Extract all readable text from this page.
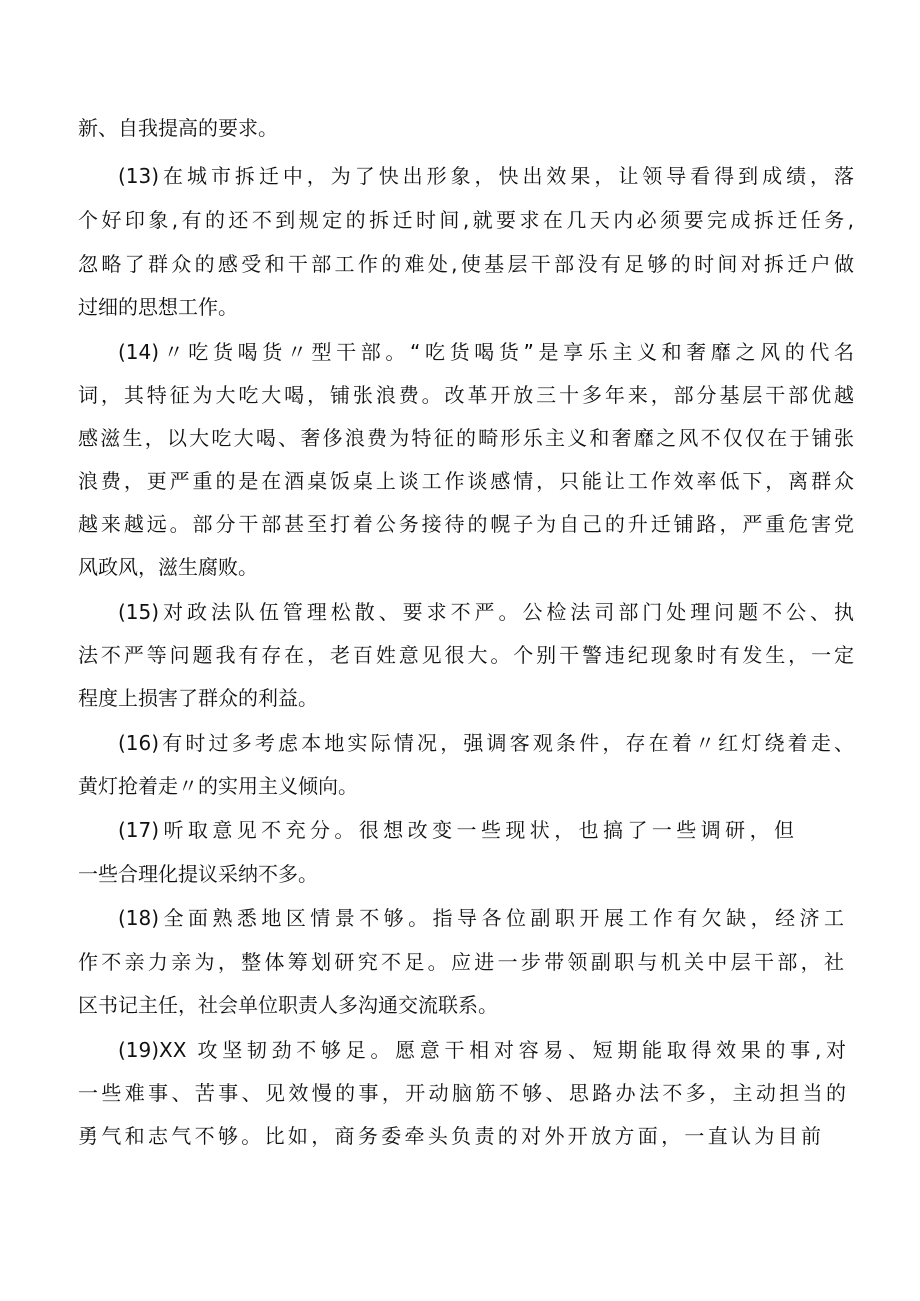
新、自我提高的要求。
(13)在城市拆迁中，为了快出形象，快出效果，让领导看得到成绩，落
个好印象,有的还不到规定的拆迁时间,就要求在几天内必须要完成拆迁任务,
忽略了群众的感受和干部工作的难处,使基层干部没有足够的时间对拆迁户做
过细的思想工作。
(14)〃吃货喝货〃型干部。“吃货喝货”是享乐主义和奢靡之风的代名
词，其特征为大吃大喝，铺张浪费。改革开放三十多年来，部分基层干部优越
感滋生，以大吃大喝、奢侈浪费为特征的畸形乐主义和奢靡之风不仅仅在于铺张
浪费，更严重的是在酒桌饭桌上谈工作谈感情，只能让工作效率低下，离群众
越来越远。部分干部甚至打着公务接待的幌子为自己的升迁铺路，严重危害党
风政风，滋生腐败。
(15)对政法队伍管理松散、要求不严。公检法司部门处理问题不公、执
法不严等问题我有存在，老百姓意见很大。个别干警违纪现象时有发生，一定
程度上损害了群众的利益。
(16)有时过多考虑本地实际情况，强调客观条件，存在着〃红灯绕着走、
黄灯抢着走〃的实用主义倾向。
(17)听取意见不充分。很想改变一些现状，也搞了一些调研，但
一些合理化提议采纳不多。
(18)全面熟悉地区情景不够。指导各位副职开展工作有欠缺，经济工
作不亲力亲为，整体筹划研究不足。应进一步带领副职与机关中层干部，社
区书记主任，社会单位职责人多沟通交流联系。
(19)XX 攻坚韧劲不够足。愿意干相对容易、短期能取得效果的事,对
一些难事、苦事、见效慢的事，开动脑筋不够、思路办法不多，主动担当的
勇气和志气不够。比如，商务委牵头负责的对外开放方面，一直认为目前
